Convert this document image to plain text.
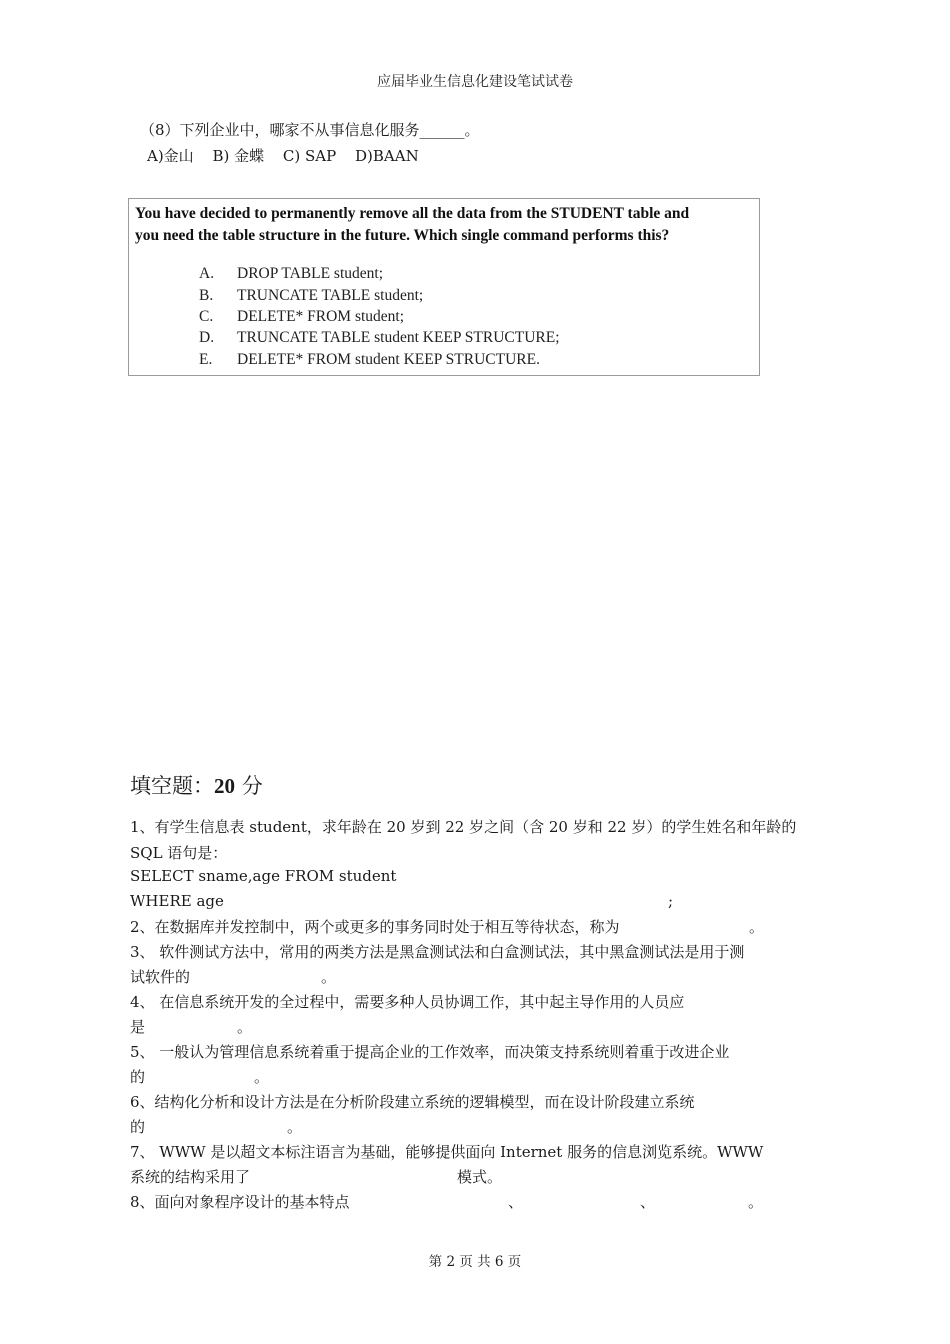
应届毕业生信息化建设笔试试卷
（8）下列企业中，哪家不从事信息化服务______。
A)金山 B) 金蝶 C) SAP D)BAAN
You have decided to permanently remove all the data from the STUDENT table and
you need the table structure in the future. Which single command performs this?
A. DROP TABLE student;
B. TRUNCATE TABLE student;
C. DELETE* FROM student;
D. TRUNCATE TABLE student KEEP STRUCTURE;
E. DELETE* FROM student KEEP STRUCTURE.
填空题：20 分
1、有学生信息表 student，求年龄在 20 岁到 22 岁之间（含 20 岁和 22 岁）的学生姓名和年龄的
SQL 语句是：
SELECT sname,age FROM student
WHERE age	;
2、在数据库并发控制中，两个或更多的事务同时处于相互等待状态，称为	。
3、 软件测试方法中，常用的两类方法是黑盒测试法和白盒测试法，其中黑盒测试法是用于测
试软件的	。
4、 在信息系统开发的全过程中，需要多种人员协调工作，其中起主导作用的人员应
是	。
5、 一般认为管理信息系统着重于提高企业的工作效率，而决策支持系统则着重于改进企业
的	。
6、结构化分析和设计方法是在分析阶段建立系统的逻辑模型，而在设计阶段建立系统
的	。
7、 WWW 是以超文本标注语言为基础，能够提供面向 Internet 服务的信息浏览系统。WWW
系统的结构采用了	模式。
8、面向对象程序设计的基本特点	、	、	。
第 2 页 共 6 页
